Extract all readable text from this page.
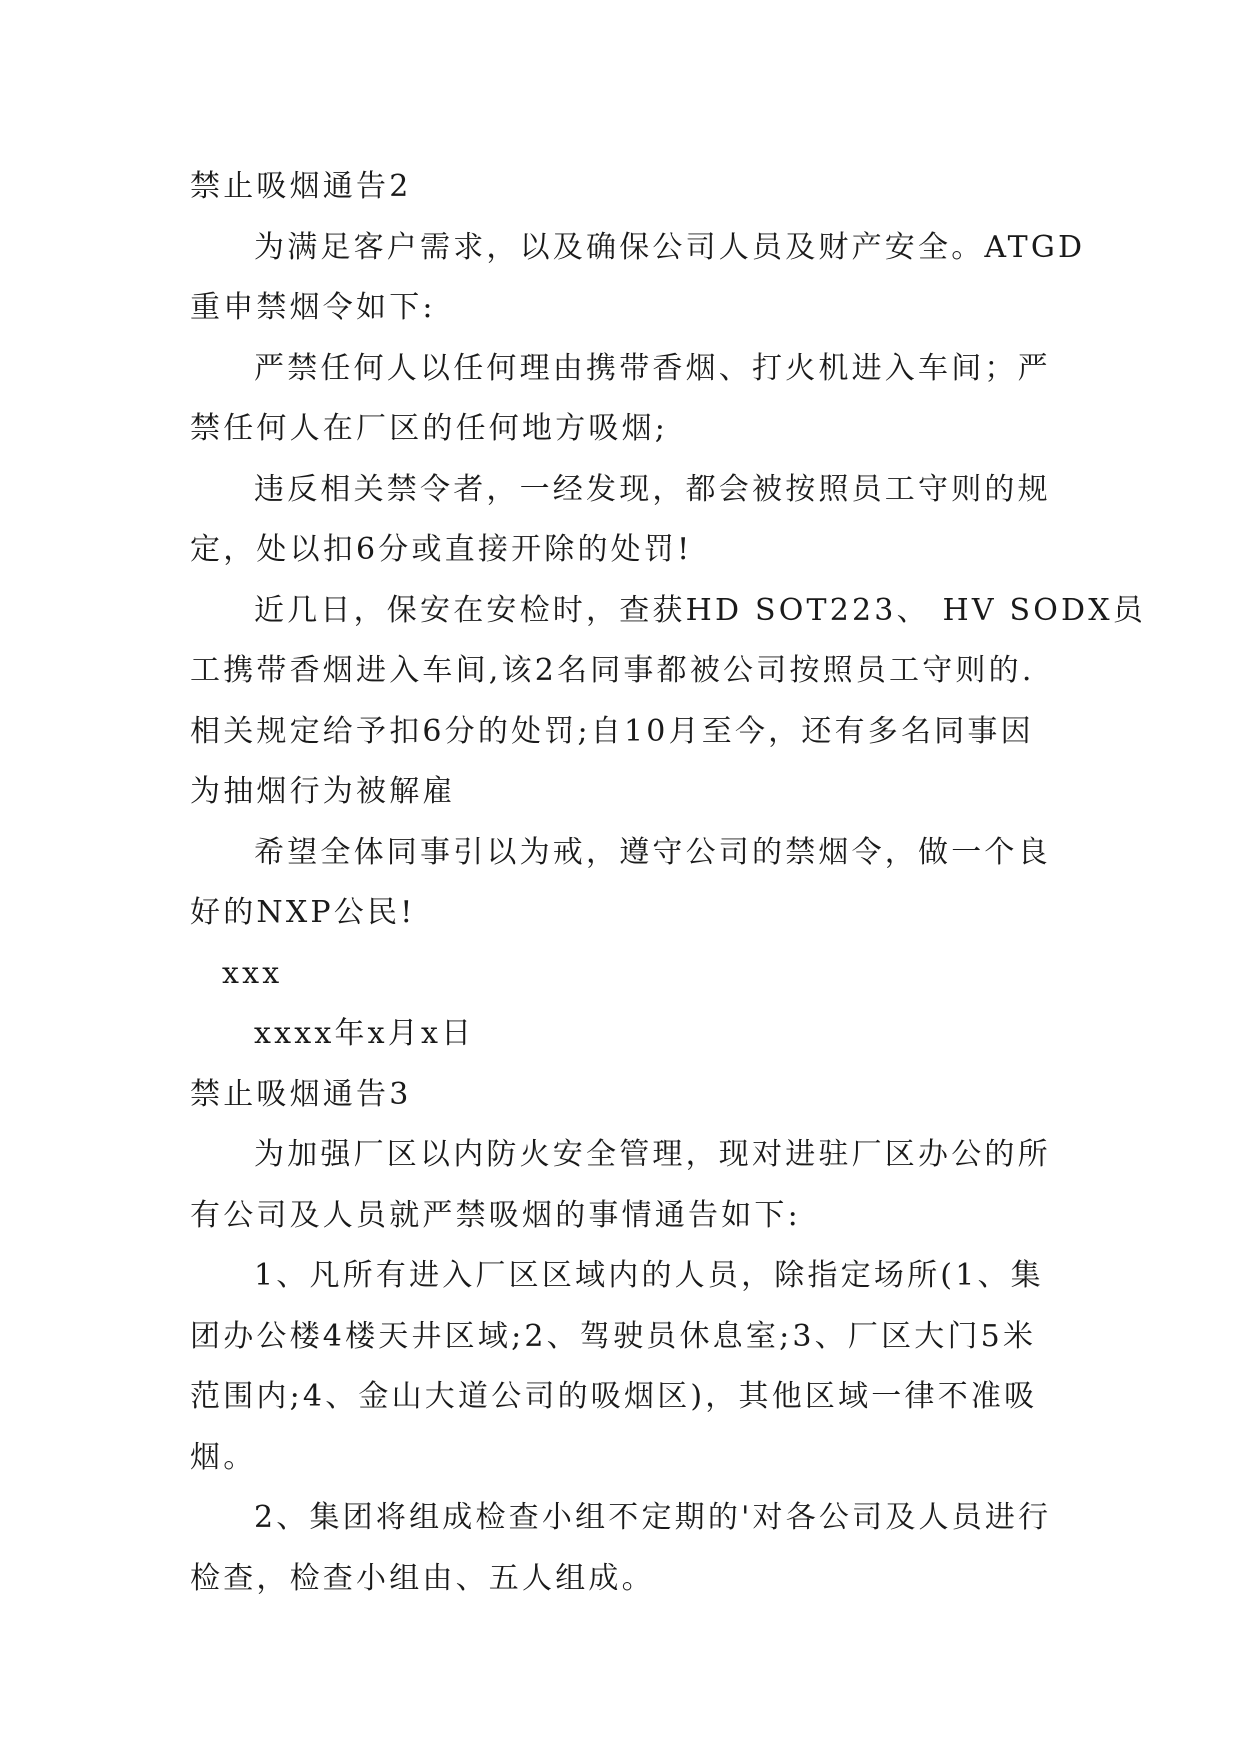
禁止吸烟通告2
为满足客户需求，以及确保公司人员及财产安全。ATGD
重申禁烟令如下:
严禁任何人以任何理由携带香烟、打火机进入车间；严
禁任何人在厂区的任何地方吸烟;
违反相关禁令者，一经发现，都会被按照员工守则的规
定，处以扣6分或直接开除的处罚!
近几日，保安在安检时，查获HD SOT223、 HV SODX员
工携带香烟进入车间,该2名同事都被公司按照员工守则的.
相关规定给予扣6分的处罚;自10月至今，还有多名同事因
为抽烟行为被解雇
希望全体同事引以为戒，遵守公司的禁烟令，做一个良
好的NXP公民!
xxx
xxxx年x月x日
禁止吸烟通告3
为加强厂区以内防火安全管理，现对进驻厂区办公的所
有公司及人员就严禁吸烟的事情通告如下:
1、凡所有进入厂区区域内的人员，除指定场所(1、集
团办公楼4楼天井区域;2、驾驶员休息室;3、厂区大门5米
范围内;4、金山大道公司的吸烟区)，其他区域一律不准吸
烟。
2、集团将组成检查小组不定期的'对各公司及人员进行
检查，检查小组由、五人组成。
